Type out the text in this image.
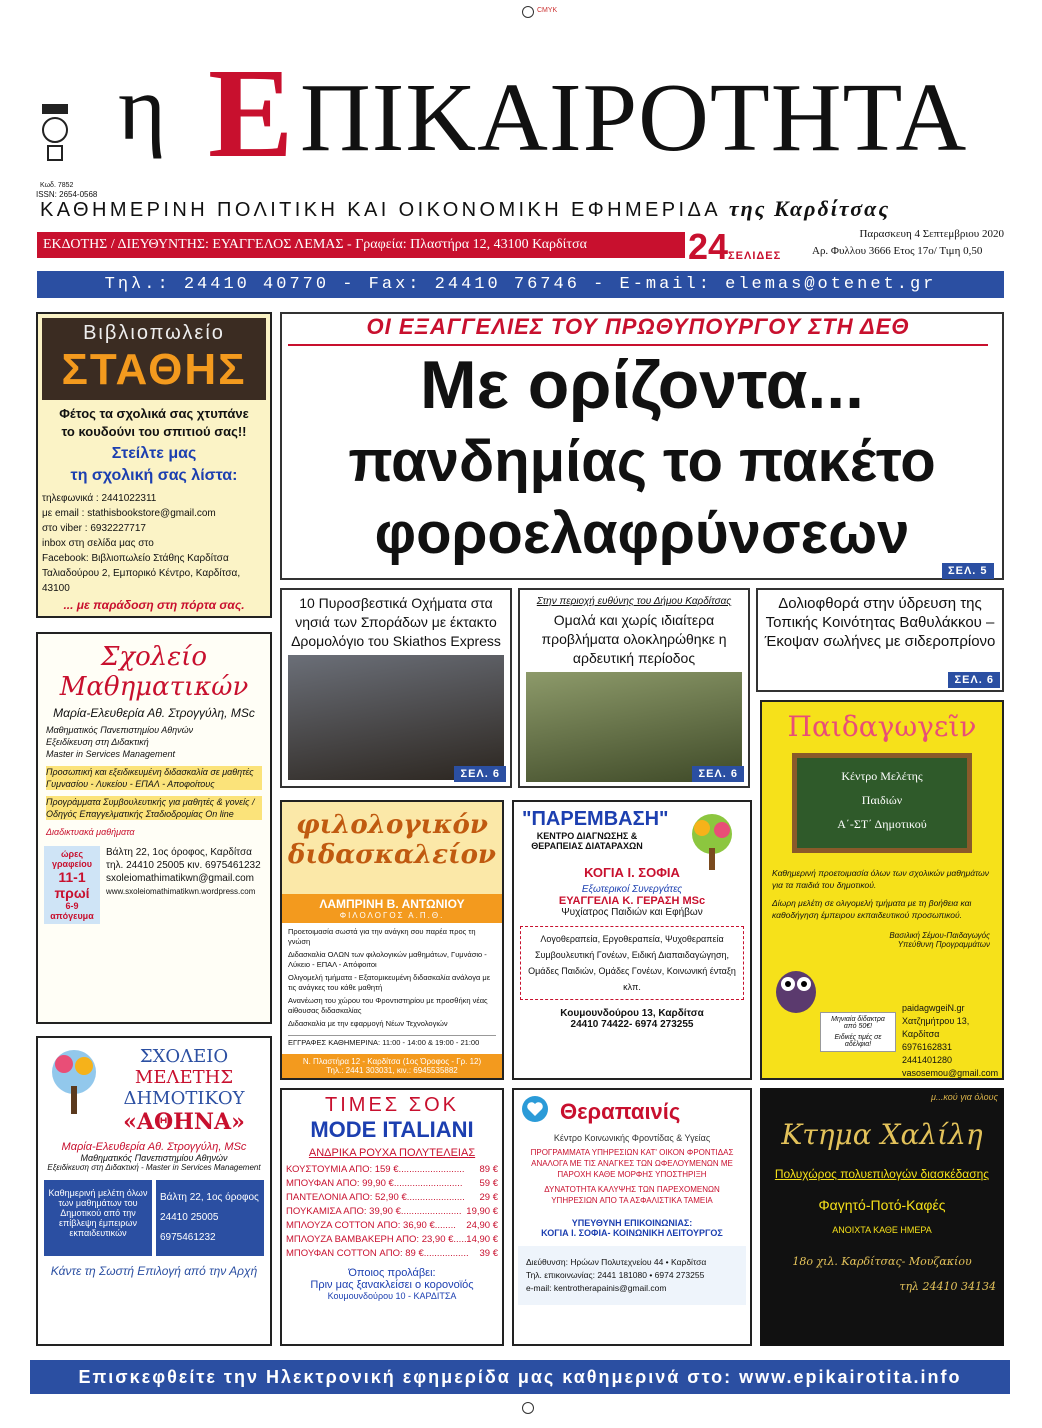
CMYK
Κωδ. 7852
ISSN: 2654-0568
η Ε ΠΙΚΑΙΡΟΤΗΤΑ
ΚΑΘΗΜΕΡΙΝΗ ΠΟΛΙΤΙΚΗ ΚΑΙ ΟΙΚΟΝΟΜΙΚΗ ΕΦΗΜΕΡΙΔΑ της Καρδίτσας
ΕΚΔΟΤΗΣ / ΔΙΕΥΘΥΝΤΗΣ: ΕΥΑΓΓΕΛΟΣ ΛΕΜΑΣ - Γραφεία: Πλαστήρα 12, 43100 Καρδίτσα	24ΣΕΛΙΔΕΣ
Παρασκευη 4 Σεπτεμβριου 2020
Αρ. Φυλλου 3666 Ετος 17ο/ Τιμη 0,50
Τηλ.: 24410 40770 - Fax: 24410 76746 - E-mail: elemas@otenet.gr
ΟΙ ΕΞΑΓΓΕΛΙΕΣ ΤΟΥ ΠΡΩΘΥΠΟΥΡΓΟΥ ΣΤΗ ΔΕΘ
Με ορίζοντα...
πανδημίας το πακέτο
φοροελαφρύνσεων
ΣΕΛ. 5

10 Πυροσβεστικά Οχήματα στα νησιά των Σποράδων με έκτακτο Δρομολόγιο του Skiathos Express

ΣΕΛ. 6

Στην περιοχή ευθύνης του Δήμου Καρδίτσας

Ομαλά και χωρίς ιδιαίτερα προβλήματα ολοκληρώθηκε η αρδευτική περίοδος

ΣΕΛ. 6

Δολιοφθορά στην ύδρευση της Τοπικής Κοινότητας Βαθυλάκκου – Έκοψαν σωλήνες με σιδεροπρίονο

ΣΕΛ. 6
Βιβλιοπωλείο
ΣΤΑΘΗΣ
Φέτος τα σχολικά σας χτυπάνε
το κουδούνι του σπιτιού σας!!
Στείλτε μας
τη σχολική σας λίστα:
τηλεφωνικά : 2441022311
με email : stathisbookstore@gmail.com
στο viber : 6932227717
inbox στη σελίδα μας στο
Facebook: Βιβλιοπωλείο Στάθης Καρδίτσα
Ταλιαδούρου 2, Εμπορικό Κέντρο, Καρδίτσα, 43100
... με παράδοση στη πόρτα σας.
Σχολείο
Μαθηματικών
Μαρία-Ελευθερία Αθ. Στρογγύλη, MSc
Μαθηματικός Πανεπιστημίου Αθηνών
Εξειδίκευση στη Διδακτική
Master in Services Management
Προσωπική και εξειδικευμένη διδασκαλία σε μαθητές Γυμνασίου - Λυκείου - ΕΠΑΛ - Αποφοίτους
Προγράμματα Συμβουλευτικής για μαθητές & γονείς / Οδηγός Επαγγελματικής Σταδιοδρομίας On line
Διαδικτυακά μαθήματα
ώρες γραφείου
11-1 πρωί
6-9 απόγευμα
Βάλτη 22, 1ος όροφος, Καρδίτσα
τηλ. 24410 25005 κιν. 6975461232
sxoleiomathimatikwn@gmail.com
www.sxoleiomathimatikwn.wordpress.com
ΣΧΟΛΕΙΟ
ΜΕΛΕΤΗΣ
ΔΗΜΟΤΙΚΟΥ
«ΑΘΗΝΑ»
Μαρία-Ελευθερία Αθ. Στρογγύλη, MSc
Μαθηματικός Πανεπιστημίου Αθηνών
Εξειδίκευση στη Διδακτική - Master in Services Management
Καθημερινή μελέτη όλων των μαθημάτων του Δημοτικού από την επίβλεψη έμπειρων εκπαιδευτικών
Βάλτη 22, 1ος όροφος
24410 25005
6975461232
Κάντε τη Σωστή Επιλογή από την Αρχή
φιλολογικόν
διδασκαλείον
ΛΑΜΠΡΙΝΗ Β. ΑΝΤΩΝΙΟΥ
ΦΙΛΟΛΟΓΟΣ Α.Π.Θ.
Προετοιμασία σωστά για την ανάγκη σου παρέα προς τη γνώση
Διδασκαλία ΟΛΩΝ των φιλολογικών μαθημάτων, Γυμνάσιο - Λύκειο - ΕΠΑΛ - Απόφοιτοι
Ολιγομελή τμήματα - Εξατομικευμένη διδασκαλία ανάλογα με τις ανάγκες του κάθε μαθητή
Ανανέωση του χώρου του Φροντιστηρίου με προσθήκη νέας αίθουσας διδασκαλίας
Διδασκαλία με την εφαρμογή Νέων Τεχνολογιών
ΕΓΓΡΑΦΕΣ ΚΑΘΗΜΕΡΙΝΑ: 11:00 - 14:00 & 19:00 - 21:00
Ν. Πλαστήρα 12 - Καρδίτσα (1ος Όροφος - Γρ. 12)
Τηλ.: 2441 303031, κιν.: 6945535882
"ΠΑΡΕΜΒΑΣΗ"
ΚΕΝΤΡΟ ΔΙΑΓΝΩΣΗΣ & ΘΕΡΑΠΕΙΑΣ ΔΙΑΤΑΡΑΧΩΝ
ΚΟΓΙΑ Ι. ΣΟΦΙΑ
Εξωτερικοί Συνεργάτες
ΕΥΑΓΓΕΛΙΑ Κ. ΓΕΡΑΣΗ MSc
Ψυχίατρος Παιδιών και Εφήβων
Λογοθεραπεία, Εργοθεραπεία, Ψυχοθεραπεία Συμβουλευτική Γονέων, Ειδική Διαπαιδαγώγηση, Ομάδες Παιδιών, Ομάδες Γονέων, Κοινωνική ένταξη κλπ.
Κουμουνδούρου 13, Καρδίτσα
24410 74422- 6974 273255
Παιδαγωγεῖν
Κέντρο Μελέτης
Παιδιών
Α΄-ΣΤ΄ Δημοτικού
Καθημερινή προετοιμασία όλων των σχολικών μαθημάτων για τα παιδιά του δημοτικού.
Δίωρη μελέτη σε ολιγομελή τμήματα με τη βοήθεια και καθοδήγηση έμπειρου εκπαιδευτικού προσωπικού.
Βασιλική Σέμου-Παιδαγωγός
Υπεύθυνη Προγραμμάτων
Μηνιαία δίδακτρα από 50€!
Ειδικές τιμές σε αδέλφια!
paidagwgeiN.gr
Χατζημήτρου 13, Καρδίτσα
6976162831
2441401280
vasosemou@gmail.com
ΤΙΜΕΣ ΣΟΚ
MODE ITALIANI
ΑΝΔΡΙΚΑ ΡΟΥΧΑ ΠΟΛΥΤΕΛΕΙΑΣ
ΚΟΥΣΤΟΥΜΙΑ ΑΠΟ: 159 €......................... 89 €
ΜΠΟΥΦΑΝ ΑΠΟ: 99,90 €.......................... 59 €
ΠΑΝΤΕΛΟΝΙΑ ΑΠΟ: 52,90 €...................... 29 €
ΠΟΥΚΑΜΙΣΑ ΑΠΟ: 39,90 €....................... 19,90 €
ΜΠΛΟΥΖΑ COTTON ΑΠΟ: 36,90 €........ 24,90 €
ΜΠΛΟΥΖΑ ΒΑΜΒΑΚΕΡΗ ΑΠΟ: 23,90 €..... 14,90 €
ΜΠΟΥΦΑΝ COTTON ΑΠΟ: 89 €................. 39 €
Όποιος προλάβει:
Πριν μας ξανακλείσει ο κορονοϊός
Κουμουνδούρου 10 - ΚΑΡΔΙΤΣΑ
Θεραπαινίς
Κέντρο Κοινωνικής Φροντίδας & Υγείας
ΠΡΟΓΡΑΜΜΑΤΑ ΥΠΗΡΕΣΙΩΝ ΚΑΤ' ΟΙΚΟΝ ΦΡΟΝΤΙΔΑΣ ΑΝΑΛΟΓΑ ΜΕ ΤΙΣ ΑΝΑΓΚΕΣ ΤΩΝ ΩΦΕΛΟΥΜΕΝΩΝ ΜΕ ΠΑΡΟΧΗ ΚΑΘΕ ΜΟΡΦΗΣ ΥΠΟΣΤΗΡΙΞΗ
ΔΥΝΑΤΟΤΗΤΑ ΚΑΛΥΨΗΣ ΤΩΝ ΠΑΡΕΧΟΜΕΝΩΝ ΥΠΗΡΕΣΙΩΝ ΑΠΟ ΤΑ ΑΣΦΑΛΙΣΤΙΚΑ ΤΑΜΕΙΑ
ΥΠΕΥΘΥΝΗ ΕΠΙΚΟΙΝΩΝΙΑΣ:
ΚΟΓΙΑ Ι. ΣΟΦΙΑ- ΚΟΙΝΩΝΙΚΗ ΛΕΙΤΟΥΡΓΟΣ
Διεύθυνση: Ηρώων Πολυτεχνείου 44 • Καρδίτσα
Τηλ. επικοινωνίας: 2441 181080 • 6974 273255
e-mail: kentrotherapainis@gmail.com
μ...κού για όλους
Κτημα Χαλίλη
Πολυχώρος πολυεπιλογών διασκέδασης
Φαγητό-Ποτό-Καφές
ΑΝΟΙΧΤΑ ΚΑΘΕ ΗΜΕΡΑ
18ο χιλ. Καρδίτσας- Μουζακίου
τηλ 24410 34134
Επισκεφθείτε την Ηλεκτρονική εφημερίδα μας καθημερινά στο: www.epikairotita.info
